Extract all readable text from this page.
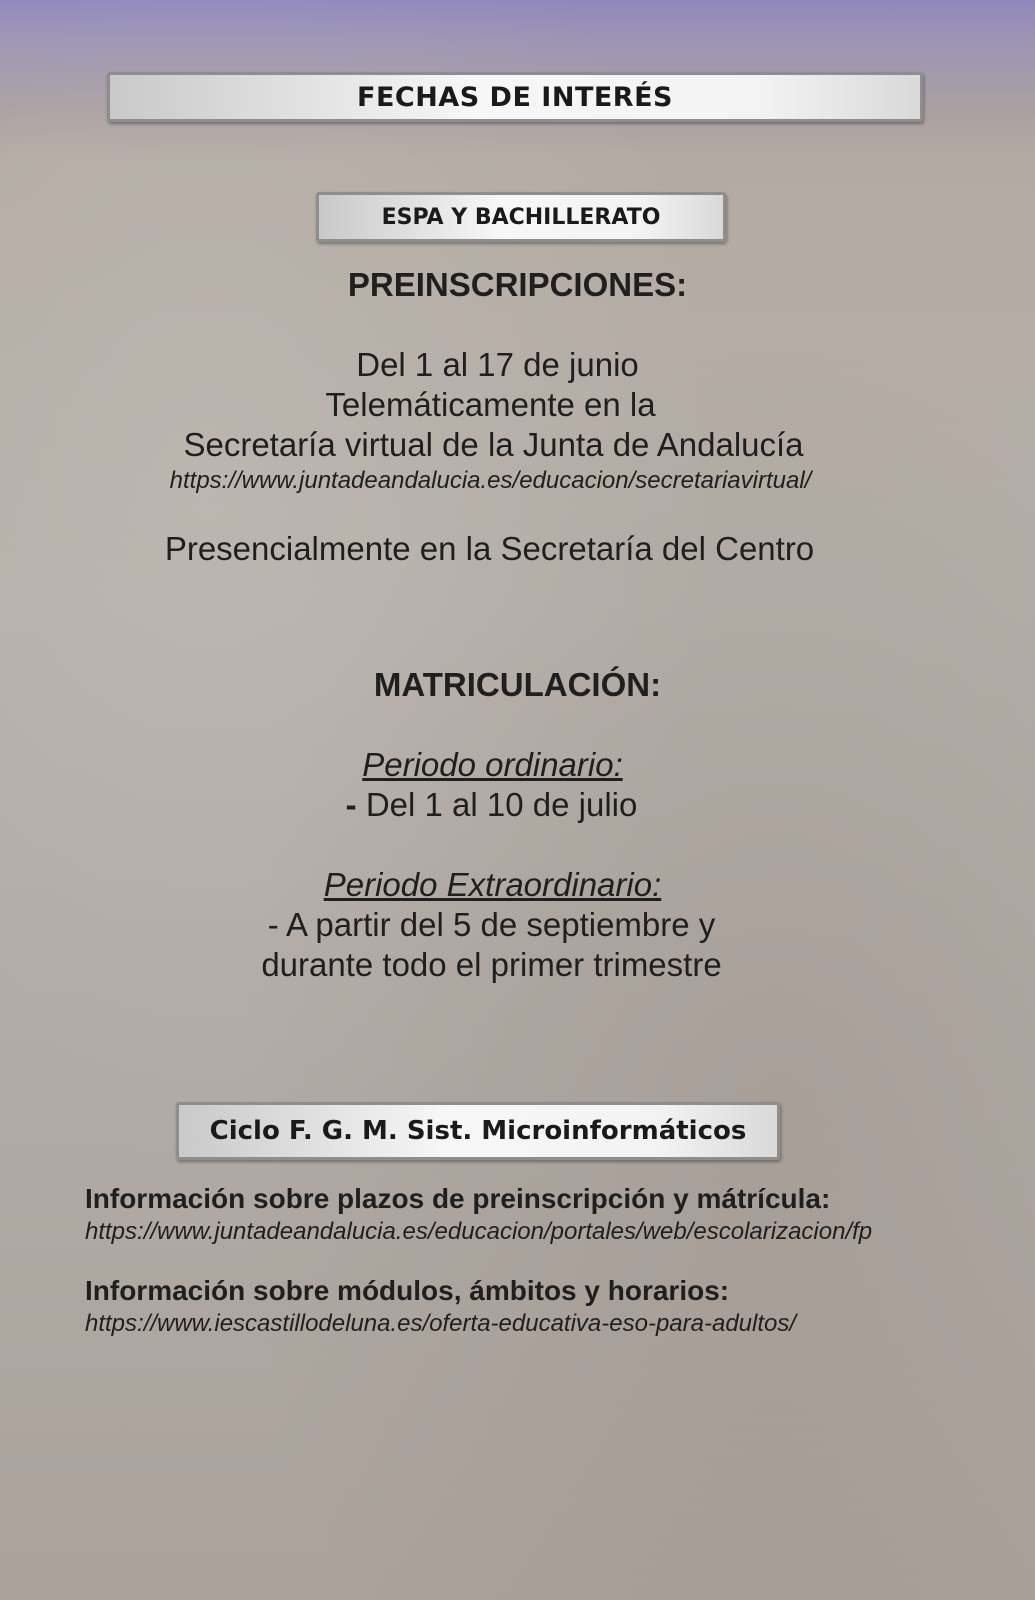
FECHAS DE INTERÉS
ESPA Y BACHILLERATO
PREINSCRIPCIONES:
Del 1 al 17 de junio
Telemáticamente en la
Secretaría virtual de la Junta de Andalucía
https://www.juntadeandalucia.es/educacion/secretariavirtual/
Presencialmente en la Secretaría del Centro
MATRICULACIÓN:
Periodo ordinario:
- Del 1 al 10 de julio
Periodo Extraordinario:
- A partir del 5 de septiembre y
durante todo el primer trimestre
Ciclo F. G. M. Sist. Microinformáticos
Información sobre plazos de preinscripción y mátrícula:
https://www.juntadeandalucia.es/educacion/portales/web/escolarizacion/fp
Información sobre módulos, ámbitos y horarios:
https://www.iescastillodeluna.es/oferta-educativa-eso-para-adultos/
